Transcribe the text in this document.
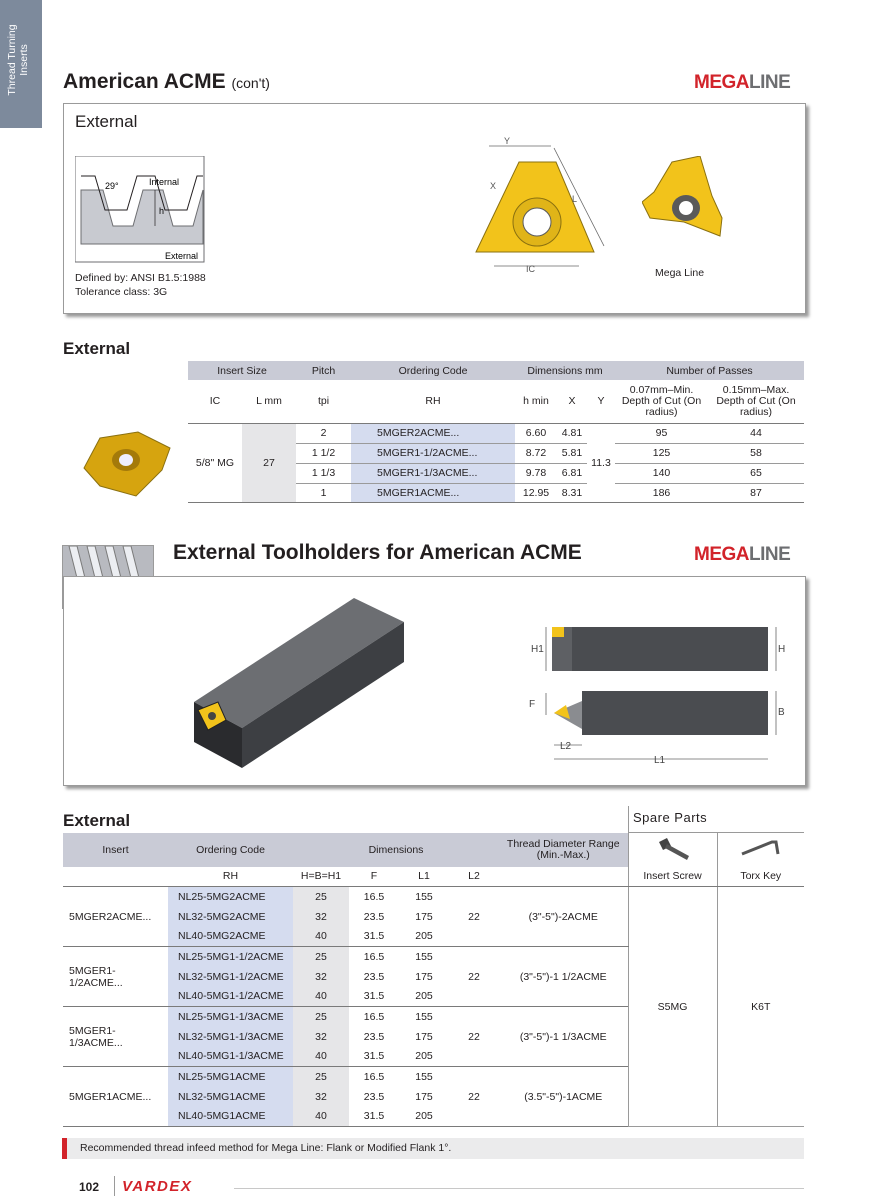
Thread Turning Inserts
American ACME (con't)	MEGALINE
External
29°	Internal
h
External
Defined by: ANSI B1.5:1988
Tolerance class: 3G
Y
X
L
IC	Mega Line
External
Insert Size		Pitch	Ordering Code	Dimensions mm			Number of Passes	
IC	L mm	tpi	RH	h min	X	Y	0.07mm–Min. Depth of Cut (On radius)	0.15mm–Max. Depth of Cut (On radius)
5/8" MG	27	2	5MGER2ACME...	6.60	4.81	11.3	95	44
		1 1/2	5MGER1-1/2ACME...	8.72	5.81		125	58
		1 1/3	5MGER1-1/3ACME...	9.78	6.81		140	65
		1	5MGER1ACME...	12.95	8.31		186	87
External Toolholders for American ACME	MEGALINE
H1	H
F
B
L2
L1
External	Spare Parts
Insert	Ordering Code	Dimensions				Thread Diameter Range (Min.-Max.)		
	RH	H=B=H1	F	L1	L2		Insert Screw	Torx Key
5MGER2ACME...	NL25-5MG2ACME	25	16.5	155	22	(3"-5")-2ACME	S5MG	K6T
	NL32-5MG2ACME	32	23.5	175				
	NL40-5MG2ACME	40	31.5	205				
5MGER1-1/2ACME...	NL25-5MG1-1/2ACME	25	16.5	155	22	(3"-5")-1 1/2ACME		
	NL32-5MG1-1/2ACME	32	23.5	175				
	NL40-5MG1-1/2ACME	40	31.5	205				
5MGER1-1/3ACME...	NL25-5MG1-1/3ACME	25	16.5	155	22	(3"-5")-1 1/3ACME		
	NL32-5MG1-1/3ACME	32	23.5	175				
	NL40-5MG1-1/3ACME	40	31.5	205				
5MGER1ACME...	NL25-5MG1ACME	25	16.5	155	22	(3.5"-5")-1ACME		
	NL32-5MG1ACME	32	23.5	175				
	NL40-5MG1ACME	40	31.5	205				
Recommended thread infeed method for Mega Line: Flank or Modified Flank 1°.
102 VARDEX
